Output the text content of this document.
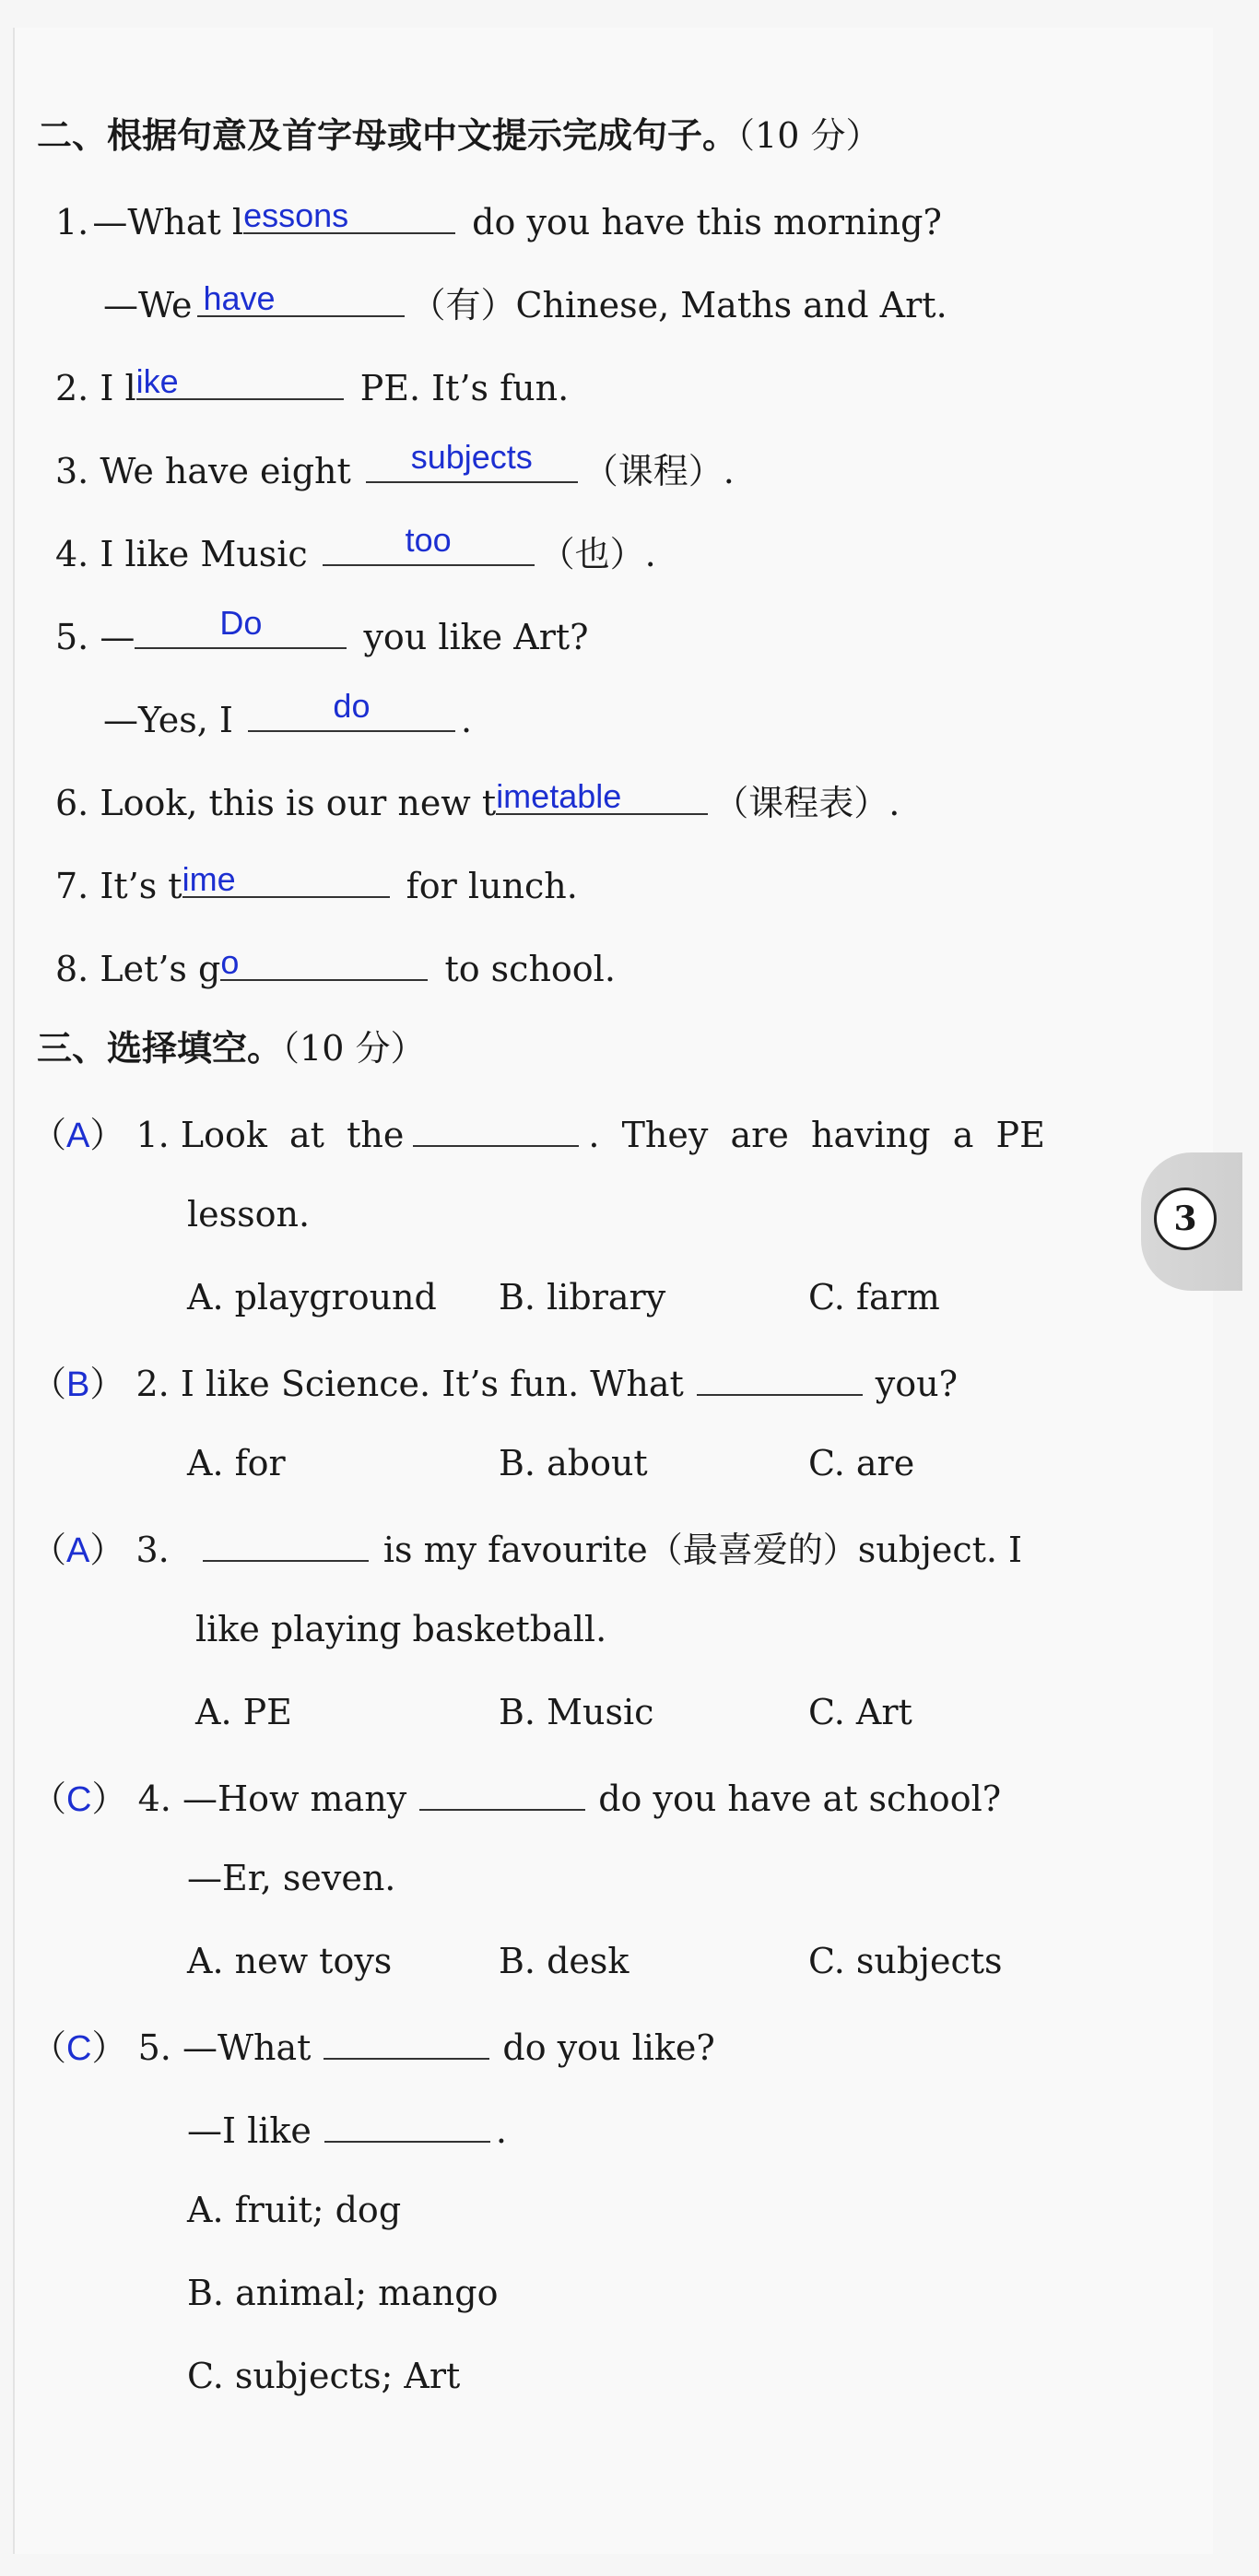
二、根据句意及首字母或中文提示完成句子。（10 分）
1. —What l essons	do you have this morning?
—We have	（有）Chinese, Maths and Art.
2. I l ike	PE. It’s fun.
3. We have eight	subjects	（课程）.
4. I like Music	too	（也）.
5. —	Do	you like Art?
—Yes, I	do	.
6. Look, this is our new t imetable	（课程表）.
7. It’s t ime	for lunch.
8. Let’s g o	to school.
三、选择填空。（10 分）
（A） 1. Look  at  the	.  They  are  having  a  PE
lesson.
A. playground B. library	C. farm
（B） 2. I like Science. It’s fun. What	you?
A. for	B. about	C. are
（A） 3.	is my favourite（最喜爱的）subject. I
like playing basketball.
A. PE	B. Music	C. Art
（C） 4. —How many	do you have at school?
—Er, seven.
A. new toys	B. desk	C. subjects
（C） 5. —What	do you like?
—I like	.
A. fruit; dog
B. animal; mango
C. subjects; Art
3
